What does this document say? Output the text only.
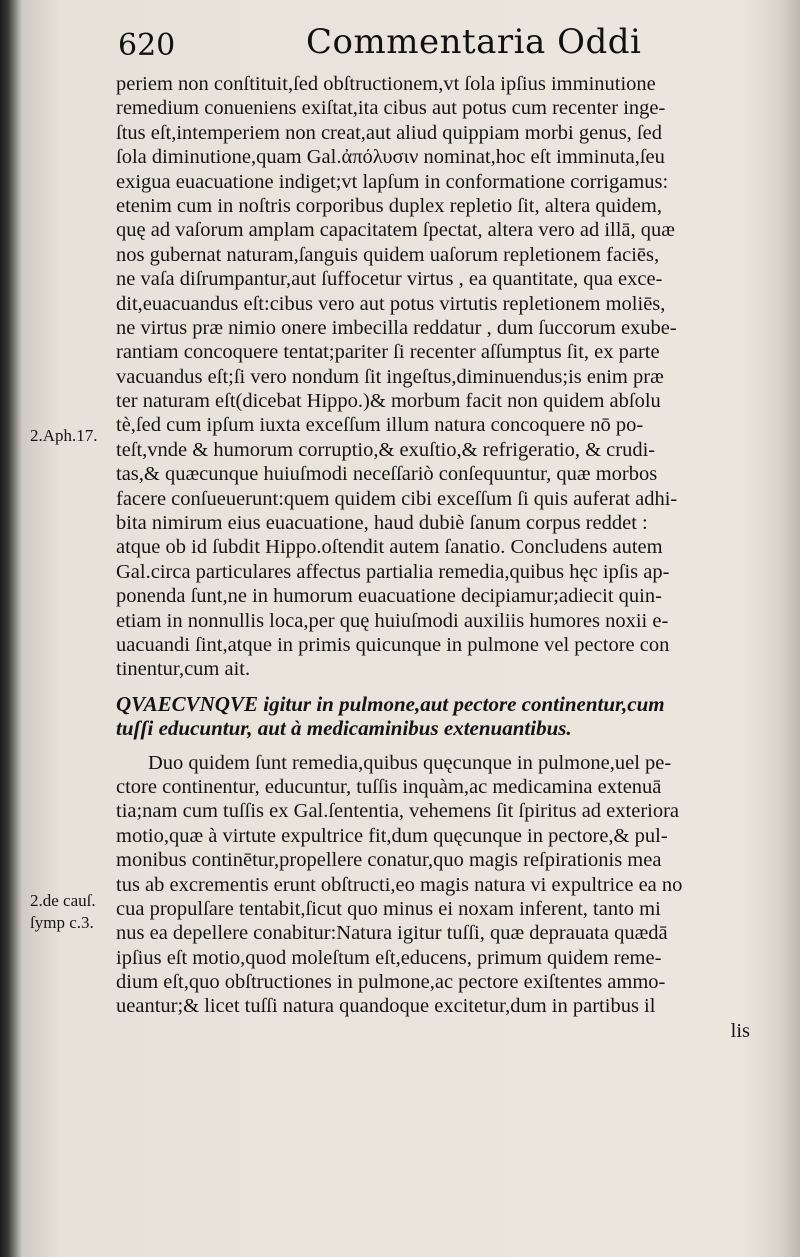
620	Commentaria Oddi
2.Aph.17.
2.de cauſ.
ſymp c.3.
periem non conſtituit,ſed obſtructionem,vt ſola ipſius imminutione
remedium conueniens exiſtat,ita cibus aut potus cum recenter inge-
ſtus eſt,intemperiem non creat,aut aliud quippiam morbi genus, ſed
ſola diminutione,quam Gal.ἀπόλυσιν nominat,hoc eſt imminuta,ſeu
exigua euacuatione indiget;vt lapſum in conformatione corrigamus:
etenim cum in noſtris corporibus duplex repletio ſit, altera quidem,
quę ad vaſorum amplam capacitatem ſpectat, altera vero ad illā, quæ
nos gubernat naturam,ſanguis quidem uaſorum repletionem faciēs,
ne vaſa diſrumpantur,aut ſuffocetur virtus , ea quantitate, qua exce-
dit,euacuandus eſt:cibus vero aut potus virtutis repletionem moliēs,
ne virtus præ nimio onere imbecilla reddatur , dum ſuccorum exube-
rantiam concoquere tentat;pariter ſi recenter aſſumptus ſit, ex parte
vacuandus eſt;ſi vero nondum ſit ingeſtus,diminuendus;is enim præ
ter naturam eſt(dicebat Hippo.)& morbum facit non quidem abſolu
tè,ſed cum ipſum iuxta exceſſum illum natura concoquere nō po-
teſt,vnde & humorum corruptio,& exuſtio,& refrigeratio, & crudi-
tas,& quæcunque huiuſmodi neceſſariò conſequuntur, quæ morbos
facere conſueuerunt:quem quidem cibi exceſſum ſi quis auferat adhi-
bita nimirum eius euacuatione, haud dubiè ſanum corpus reddet :
atque ob id ſubdit Hippo.oſtendit autem ſanatio. Concludens autem
Gal.circa particulares affectus partialia remedia,quibus hęc ipſis ap-
ponenda ſunt,ne in humorum euacuatione decipiamur;adiecit quin-
etiam in nonnullis loca,per quę huiuſmodi auxiliis humores noxii e-
uacuandi ſint,atque in primis quicunque in pulmone vel pectore con
tinentur,cum ait.
QVAECVNQVE igitur in pulmone,aut pectore continentur,cum
tuſſi educuntur, aut à medicaminibus extenuantibus.
Duo quidem ſunt remedia,quibus quęcunque in pulmone,uel pe-
ctore continentur, educuntur, tuſſis inquàm,ac medicamina extenuā
tia;nam cum tuſſis ex Gal.ſententia, vehemens ſit ſpiritus ad exteriora
motio,quæ à virtute expultrice fit,dum quęcunque in pectore,& pul-
monibus continētur,propellere conatur,quo magis reſpirationis mea
tus ab excrementis erunt obſtructi,eo magis natura vi expultrice ea no
cua propulſare tentabit,ſicut quo minus ei noxam inferent, tanto mi
nus ea depellere conabitur:Natura igitur tuſſi, quæ deprauata quædā
ipſius eſt motio,quod moleſtum eſt,educens, primum quidem reme-
dium eſt,quo obſtructiones in pulmone,ac pectore exiſtentes ammo-
ueantur;& licet tuſſi natura quandoque excitetur,dum in partibus il
lis
